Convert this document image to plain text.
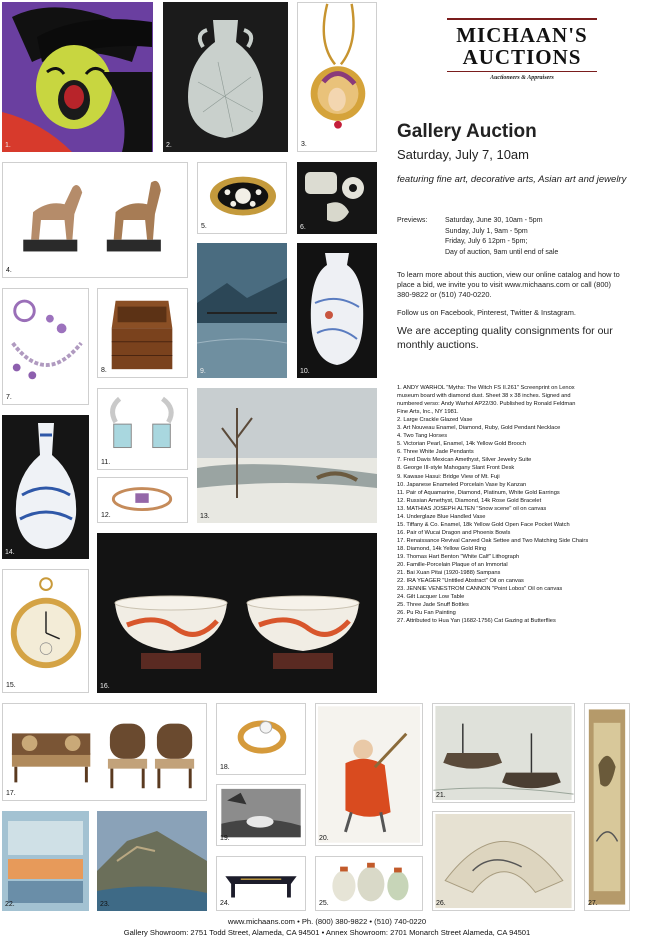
1.	2.	3.
4.
5.	6.
7.
8.	9.	10.
11.
12.	13.
14.
15.	16.
17.
18.
19.	20.
21.
22.	23.	24.	25.	26.	27.
MICHAAN'S
AUCTIONS
Auctioneers & Appraisers
Gallery Auction
Saturday, July 7, 10am
featuring fine art, decorative arts, Asian art and jewelry
Previews:	Saturday, June 30, 10am - 5pm
Sunday, July 1, 9am - 5pm
Friday, July 6 12pm - 5pm;
Day of auction, 9am until end of sale
To learn more about this auction, view our online catalog and how to place a bid, we invite you to visit www.michaans.com or call (800) 380-9822 or (510) 740-0220.
Follow us on Facebook, Pinterest, Twitter & Instagram.
We are accepting quality consignments for our monthly auctions.
1. ANDY WARHOL "Myths: The Witch FS II.261" Screenprint on Lenox
museum board with diamond dust. Sheet 38 x 38 inches. Signed and
numbered verso: Andy Warhol AP22/30. Published by Ronald Feldman
Fine Arts, Inc., NY 1981.
2. Large Crackle Glazed Vase
3. Art Nouveau Enamel, Diamond, Ruby, Gold Pendant Necklace
4. Two Tang Horses
5. Victorian Pearl, Enamel, 14k Yellow Gold Brooch
6. Three White Jade Pendants
7. Fred Davis Mexican Amethyst, Silver Jewelry Suite
8. George III-style Mahogany Slant Front Desk
9. Kawase Hasui: Bridge View of Mt. Fuji
10. Japanese Enameled Porcelain Vase by Kanzan
11. Pair of Aquamarine, Diamond, Platinum, White Gold Earrings
12. Russian Amethyst, Diamond, 14k Rose Gold Bracelet
13. MATHIAS JOSEPH ALTEN "Snow scene" oil on canvas
14. Underglaze Blue Handled Vase
15. Tiffany & Co. Enamel, 18k Yellow Gold Open Face Pocket Watch
16. Pair of Wucai Dragon and Phoenix Bowls
17. Renaissance Revival Carved Oak Settee and Two Matching Side Chairs
18. Diamond, 14k Yellow Gold Ring
19. Thomas Hart Benton "White Calf" Lithograph
20. Famille-Porcelain Plaque of an Immortal
21. Bai Xuan Pitai (1920-1988) Sampans
22. IRA YEAGER "Untitled Abstract" Oil on canvas
23. JENNIE VENESTROM CANNON "Point Lobos" Oil on canvas
24. Gilt Lacquer Low Table
25. Three Jade Snuff Bottles
26. Pu Ru Fan Painting
27. Attributed to Hua Yan (1682-1756) Cat Gazing at Butterflies
www.michaans.com • Ph. (800) 380-9822 • (510) 740-0220
Gallery Showroom: 2751 Todd Street, Alameda, CA 94501 • Annex Showroom: 2701 Monarch Street Alameda, CA 94501
